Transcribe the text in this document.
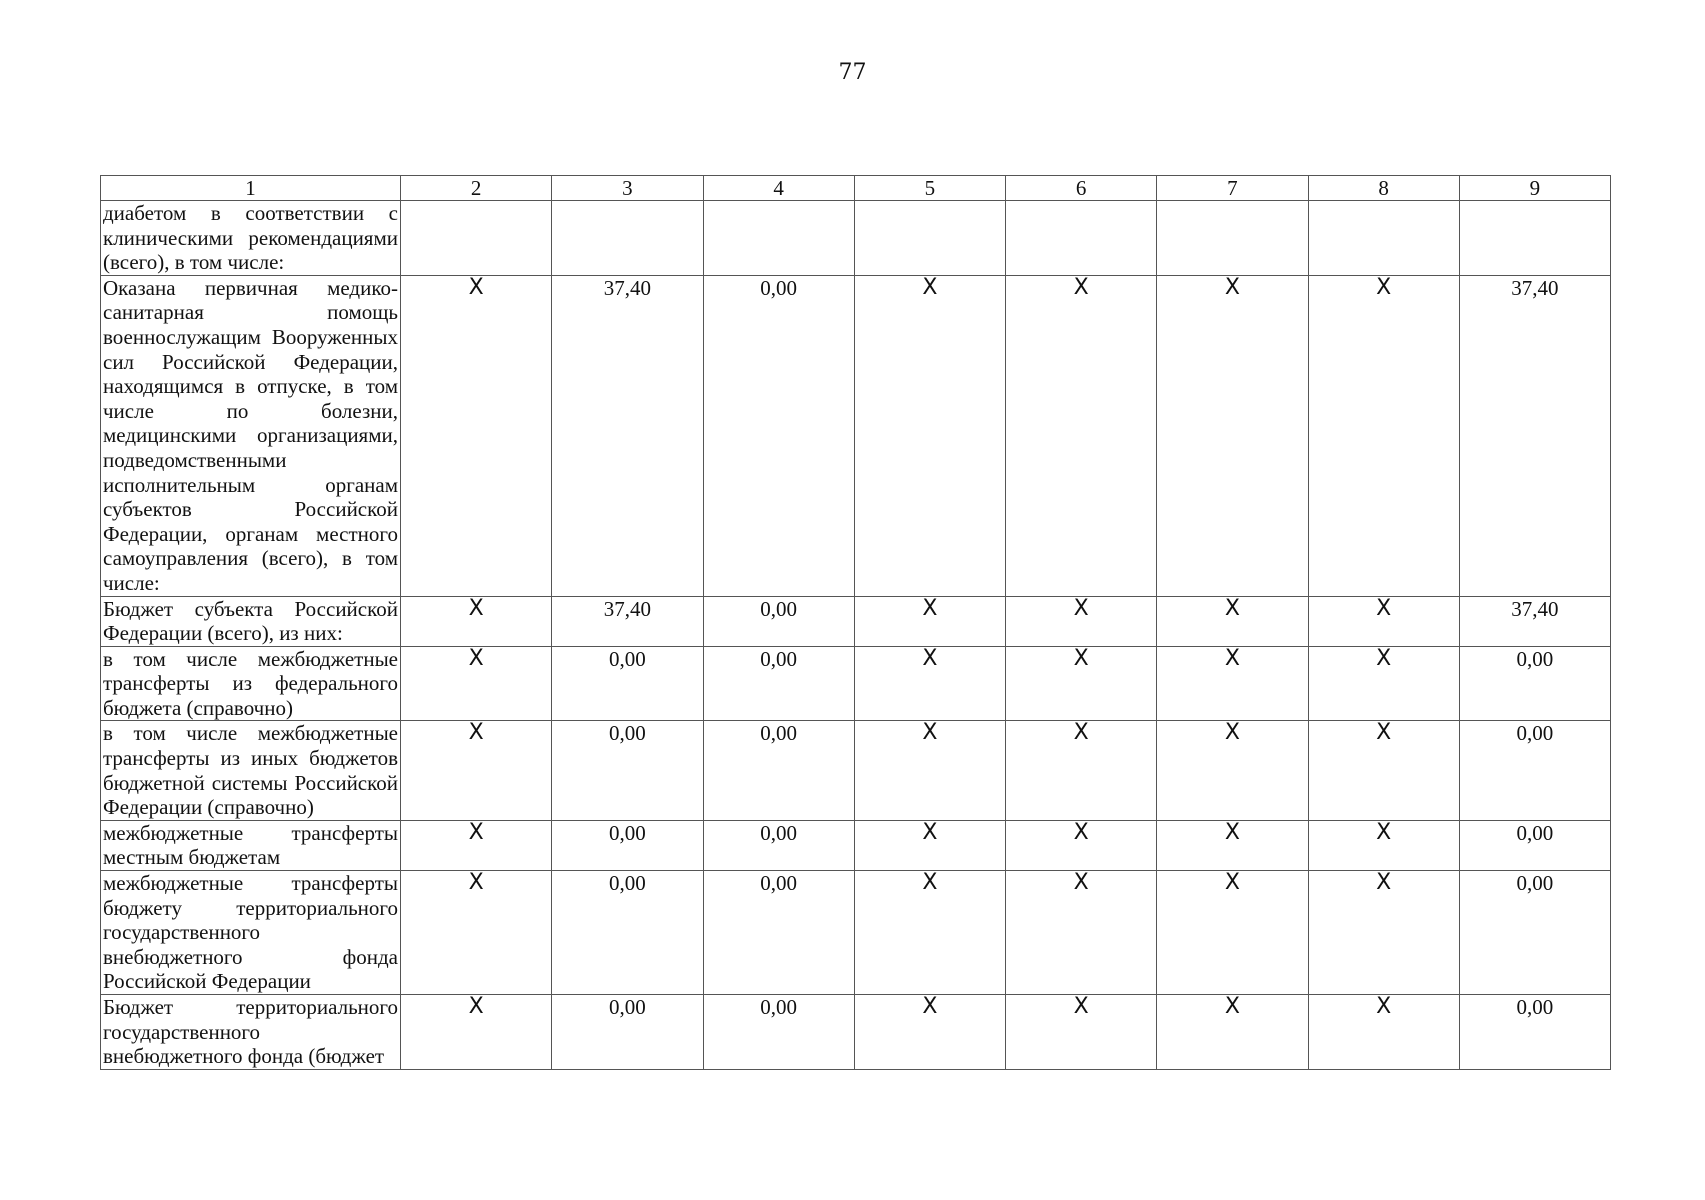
77
1	2	3	4	5	6	7	8	9
диабетом в соответствии с клиническими рекомендациями (всего), в том числе:								
Оказана первичная медико-санитарная помощь военнослужащим Вооруженных сил Российской Федерации, находящимся в отпуске, в том числе по болезни, медицинскими организациями, подведомственными исполнительным органам субъектов Российской Федерации, органам местного самоуправления (всего), в том числе:	X	37,40	0,00	X	X	X	X	37,40
Бюджет субъекта Российской Федерации (всего), из них:	X	37,40	0,00	X	X	X	X	37,40
в том числе межбюджетные трансферты из федерального бюджета (справочно)	X	0,00	0,00	X	X	X	X	0,00
в том числе межбюджетные трансферты из иных бюджетов бюджетной системы Российской Федерации (справочно)	X	0,00	0,00	X	X	X	X	0,00
межбюджетные трансферты местным бюджетам	X	0,00	0,00	X	X	X	X	0,00
межбюджетные трансферты бюджету территориального государственного внебюджетного фонда Российской Федерации	X	0,00	0,00	X	X	X	X	0,00
Бюджет территориального государственного внебюджетного фонда (бюджет	X	0,00	0,00	X	X	X	X	0,00
